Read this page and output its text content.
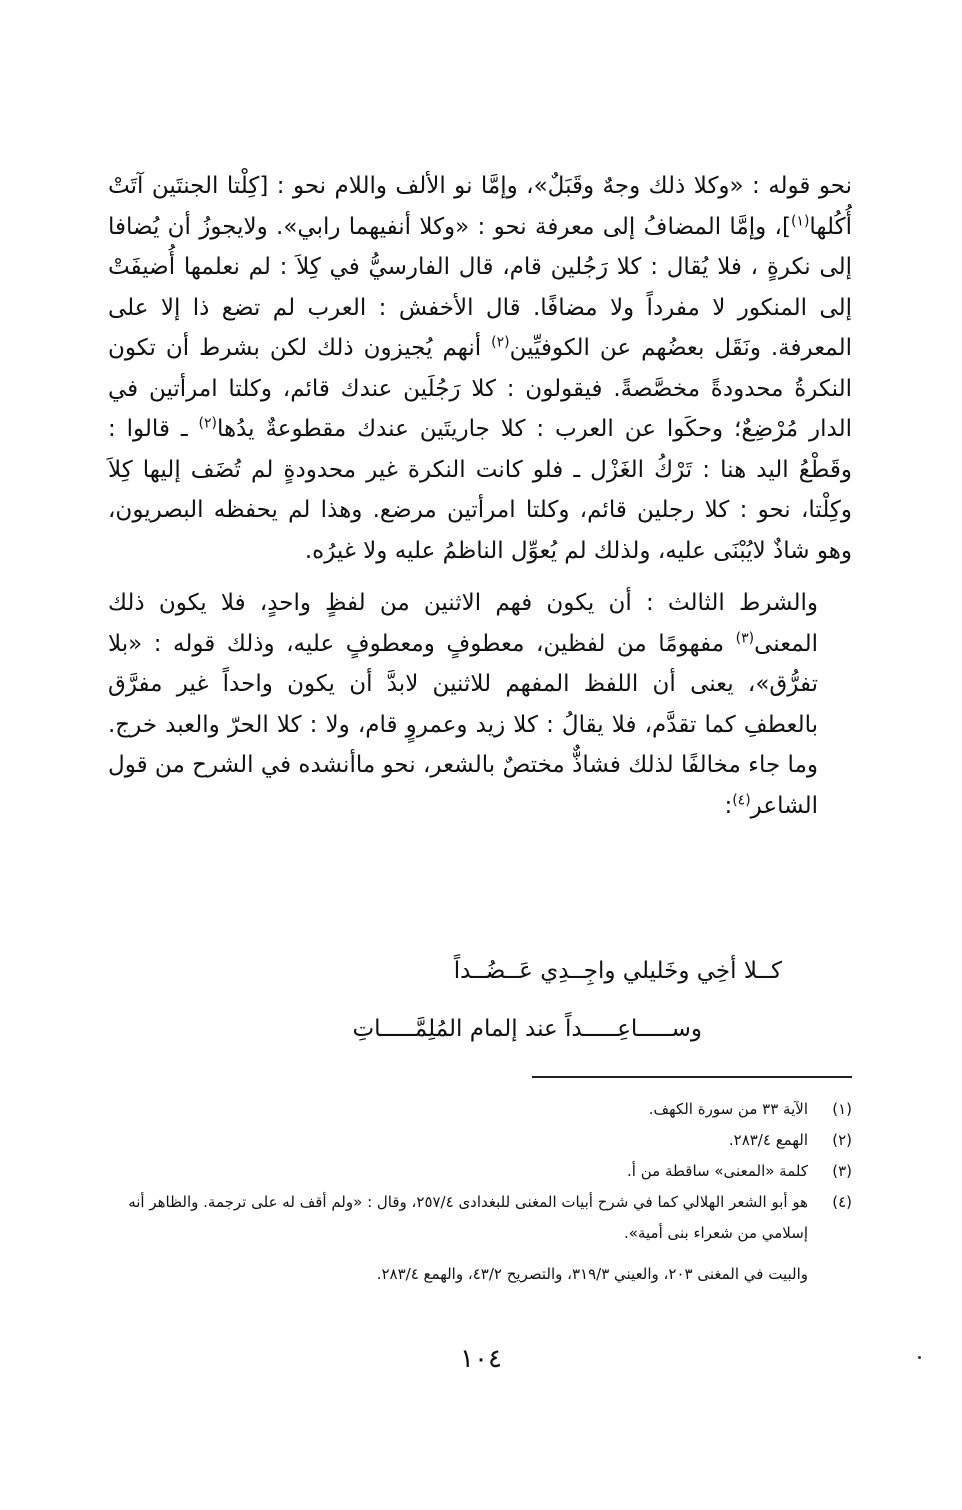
نحو قوله : «وكلا ذلك وجهٌ وقَبَلٌ»، وإمَّا نو الألف واللام نحو : [كِلْتا الجنتَين آتَتْ أُكُلها$^{(١)}$]، وإمَّا المضافُ إلى معرفة نحو : «وكلا أنفيهما رابي». ولايجوزُ أن يُضافا إلى نكرةٍ ، فلا يُقال : كلا رَجُلين قام، قال الفارسيُّ في كِلاَ : لم نعلمها أُضيفَتْ إلى المنكور لا مفرداً ولا مضافًا. قال الأخفش : العرب لم تضع ذا إلا على المعرفة. ونَقَل بعضُهم عن الكوفيِّين$^{(٢)}$ أنهم يُجيزون ذلك لكن بشرط أن تكون النكرةُ محدودةً مخصَّصةً. فيقولون : كلا رَجُلَين عندك قائم، وكلتا امرأتين في الدار مُرْضِعٌ؛ وحكَوا عن العرب : كلا جاريتَين عندك مقطوعةٌ يدُها$^{(٢)}$ ـ قالوا : وقَطْعُ اليد هنا : تَرْكُ الغَزْل ـ فلو كانت النكرة غير محدودةٍ لم تُضَف إليها كِلاَ وكِلْتا، نحو : كلا رجلين قائم، وكلتا امرأتين مرضع. وهذا لم يحفظه البصريون، وهو شاذٌ لايُبْنَى عليه، ولذلك لم يُعوِّل الناظمُ عليه ولا غيرُه.

والشرط الثالث : أن يكون فهم الاثنين من لفظٍ واحدٍ، فلا يكون ذلك المعنى$^{(٣)}$ مفهومًا من لفظين، معطوفٍ ومعطوفٍ عليه، وذلك قوله : «بلا تفرُّق»، يعنى أن اللفظ المفهم للاثنين لابدَّ أن يكون واحداً غير مفرَّق بالعطفِ كما تقدَّم، فلا يقالُ : كلا زيد وعمروٍ قام، ولا : كلا الحرّ والعبد خرج. وما جاء مخالفًا لذلك فشاذٌّ مختصٌ بالشعر، نحو ماأنشده في الشرح من قول الشاعر$^{(٤)}$:

كــلا أخِي وخَليلي واجِــدِي عَــضُــداً
وســـــاعِـــــداً عند إلمام المُلِمَّـــــاتِ
(١)
الآية ٣٣ من سورة الكهف.
(٢)
الهمع ٢٨٣/٤.
(٣)
كلمة «المعنى» ساقطة من أ.
(٤)
هو أبو الشعر الهلالي كما في شرح أبيات المغنى للبغدادى ٢٥٧/٤، وقال : «ولم أقف له على ترجمة. والظاهر أنه إسلامي من شعراء بنى أمية».
والبيت في المغنى ٢٠٣، والعيني ٣١٩/٣، والتصريح ٤٣/٢، والهمع ٢٨٣/٤.
١٠٤
